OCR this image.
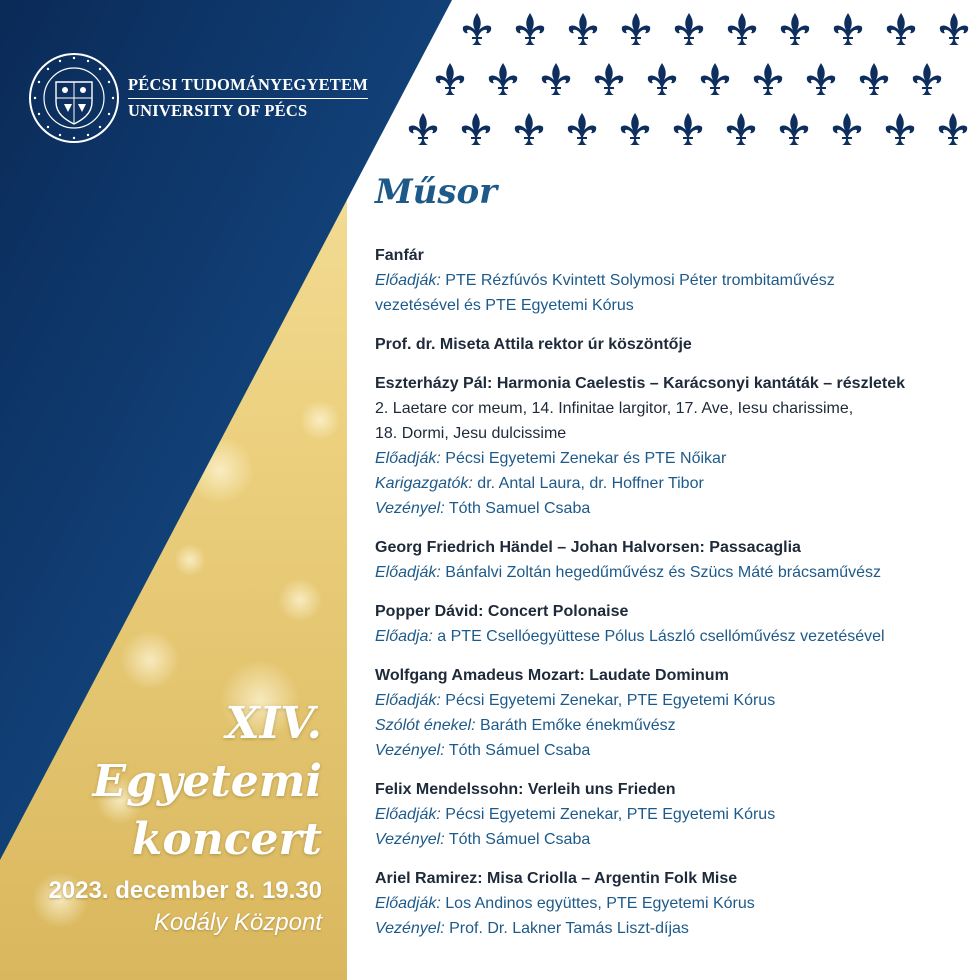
PÉCSI TUDOMÁNYEGYETEM
UNIVERSITY OF PÉCS
XIV.
Egyetemi
koncert
2023. december 8. 19.30
Kodály Központ
Műsor
Fanfár
Előadják: PTE Rézfúvós Kvintett Solymosi Péter trombitaművész
vezetésével és PTE Egyetemi Kórus
Prof. dr. Miseta Attila rektor úr köszöntője
Eszterházy Pál: Harmonia Caelestis – Karácsonyi kantáták – részletek
2. Laetare cor meum, 14. Infinitae largitor, 17. Ave, Iesu charissime,
18. Dormi, Jesu dulcissime
Előadják: Pécsi Egyetemi Zenekar és PTE Nőikar
Karigazgatók: dr. Antal Laura, dr. Hoffner Tibor
Vezényel: Tóth Samuel Csaba
Georg Friedrich Händel – Johan Halvorsen: Passacaglia
Előadják: Bánfalvi Zoltán hegedűművész és Szücs Máté brácsaművész
Popper Dávid: Concert Polonaise
Előadja: a PTE Csellóegyüttese Pólus László csellóművész vezetésével
Wolfgang Amadeus Mozart: Laudate Dominum
Előadják: Pécsi Egyetemi Zenekar, PTE Egyetemi Kórus
Szólót énekel: Baráth Emőke énekművész
Vezényel: Tóth Sámuel Csaba
Felix Mendelssohn: Verleih uns Frieden
Előadják: Pécsi Egyetemi Zenekar, PTE Egyetemi Kórus
Vezényel: Tóth Sámuel Csaba
Ariel Ramirez: Misa Criolla – Argentin Folk Mise
Előadják: Los Andinos együttes, PTE Egyetemi Kórus
Vezényel: Prof. Dr. Lakner Tamás Liszt-díjas
